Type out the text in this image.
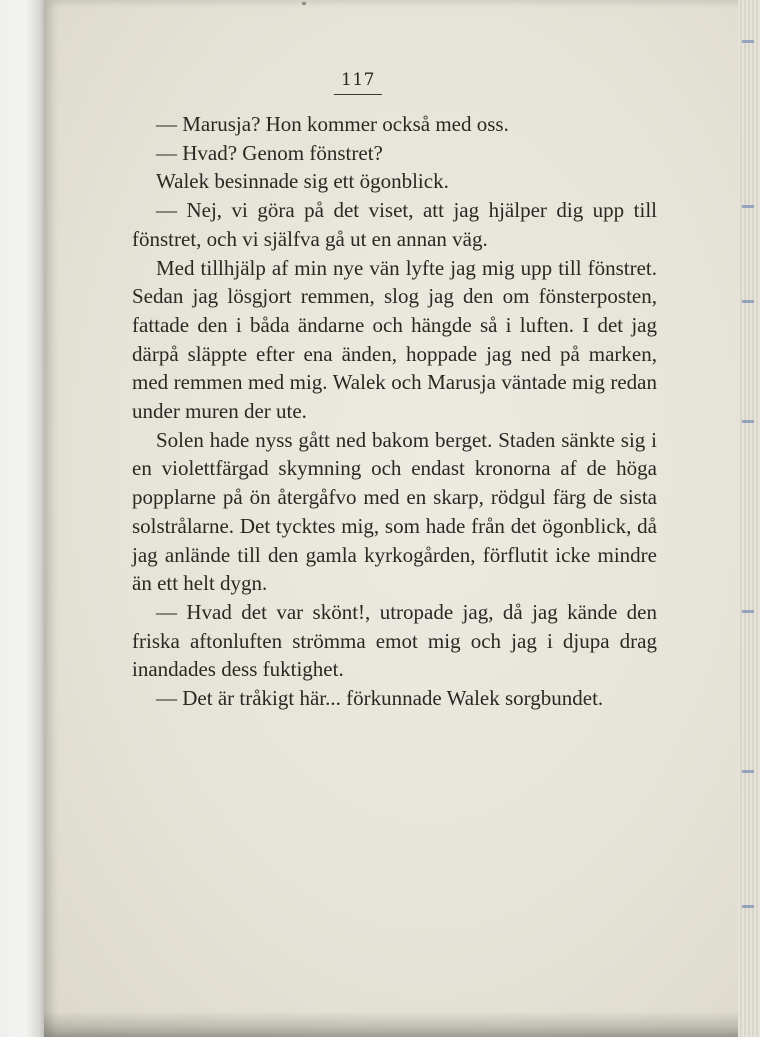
117

— Marusja? Hon kommer också med oss.

— Hvad? Genom fönstret?

Walek besinnade sig ett ögonblick.

— Nej, vi göra på det viset, att jag hjälper dig upp till fönstret, och vi själfva gå ut en annan väg.

Med tillhjälp af min nye vän lyfte jag mig upp till fönstret. Sedan jag lösgjort remmen, slog jag den om fönsterposten, fattade den i båda ändarne och hängde så i luften. I det jag därpå släppte efter ena änden, hoppade jag ned på marken, med remmen med mig. Walek och Marusja väntade mig redan under muren der ute.

Solen hade nyss gått ned bakom berget. Staden sänkte sig i en violettfärgad skymning och endast kronorna af de höga popplarne på ön återgåfvo med en skarp, rödgul färg de sista solstrålarne. Det tycktes mig, som hade från det ögonblick, då jag anlände till den gamla kyrkogården, förflutit icke mindre än ett helt dygn.

— Hvad det var skönt!, utropade jag, då jag kände den friska aftonluften strömma emot mig och jag i djupa drag inandades dess fuktighet.

— Det är tråkigt här... förkunnade Walek sorgbundet.
